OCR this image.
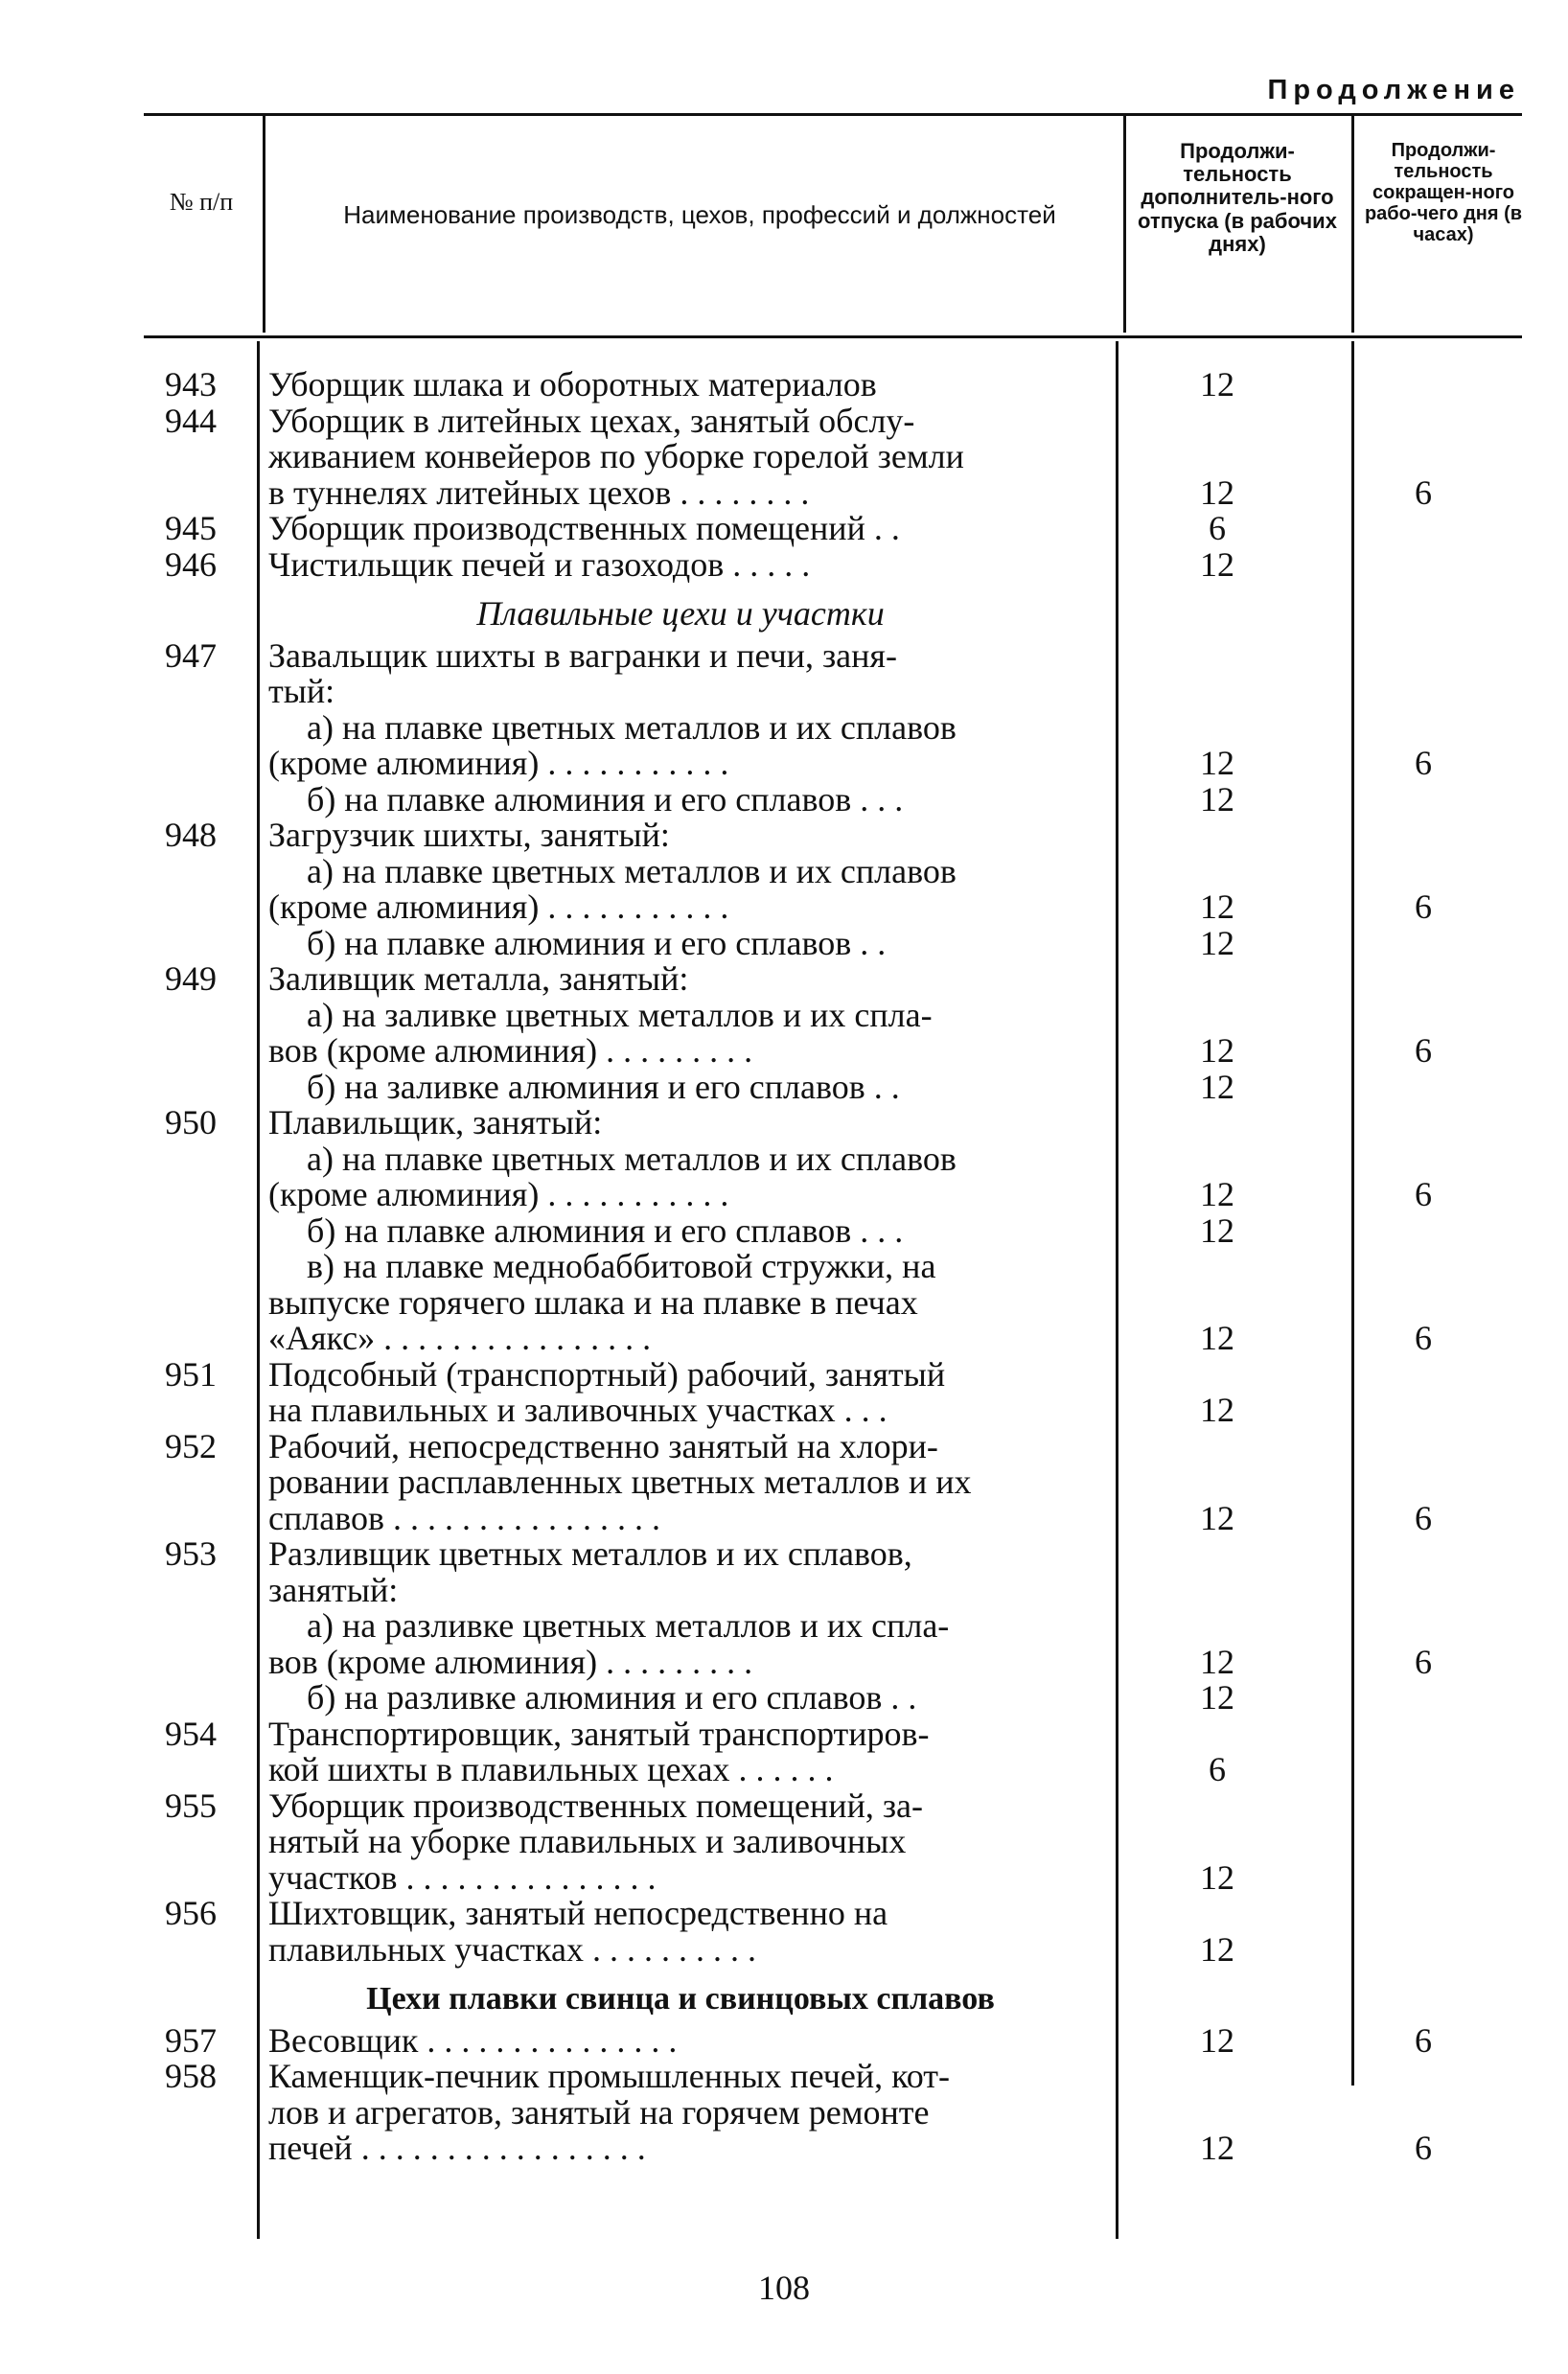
Продолжение
№ п/п	Наименование производств, цехов, профессий и должностей
Продолжи-тельность дополнитель-ного отпуска (в рабочих днях)
Продолжи-тельность сокращен-ного рабо-чего дня (в часах)
943	Уборщик шлака и оборотных материалов	12
944	Уборщик в литейных цехах, занятый обслу-
живанием конвейеров по уборке горелой земли
в туннелях литейных цехов . . . . . . . .	12	6
945	Уборщик производственных помещений . .	6
946	Чистильщик печей и газоходов . . . . .	12
Плавильные цехи и участки
947	Завальщик шихты в вагранки и печи, заня-
тый:
а) на плавке цветных металлов и их сплавов
(кроме алюминия) . . . . . . . . . . .	12	6
б) на плавке алюминия и его сплавов . . .	12
948	Загрузчик шихты, занятый:
а) на плавке цветных металлов и их сплавов
(кроме алюминия) . . . . . . . . . . .	12	6
б) на плавке алюминия и его сплавов . .	12
949	Заливщик металла, занятый:
а) на заливке цветных металлов и их спла-
вов (кроме алюминия) . . . . . . . . .	12	6
б) на заливке алюминия и его сплавов . .	12
950	Плавильщик, занятый:
а) на плавке цветных металлов и их сплавов
(кроме алюминия) . . . . . . . . . . .	12	6
б) на плавке алюминия и его сплавов . . .	12
в) на плавке меднобаббитовой стружки, на
выпуске горячего шлака и на плавке в печах
«Аякс» . . . . . . . . . . . . . . . .	12	6
951	Подсобный (транспортный) рабочий, занятый
на плавильных и заливочных участках . . .	12
952	Рабочий, непосредственно занятый на хлори-
ровании расплавленных цветных металлов и их
сплавов . . . . . . . . . . . . . . . .	12	6
953	Разливщик цветных металлов и их сплавов,
занятый:
а) на разливке цветных металлов и их спла-
вов (кроме алюминия) . . . . . . . . .	12	6
б) на разливке алюминия и его сплавов . .	12
954	Транспортировщик, занятый транспортиров-
кой шихты в плавильных цехах . . . . . .	6
955	Уборщик производственных помещений, за-
нятый на уборке плавильных и заливочных
участков . . . . . . . . . . . . . . .	12
956	Шихтовщик, занятый непосредственно на
плавильных участках . . . . . . . . . .	12
Цехи плавки свинца и свинцовых сплавов
957	Весовщик . . . . . . . . . . . . . . .	12	6
958	Каменщик-печник промышленных печей, кот-
лов и агрегатов, занятый на горячем ремонте
печей . . . . . . . . . . . . . . . . .	12	6
108
